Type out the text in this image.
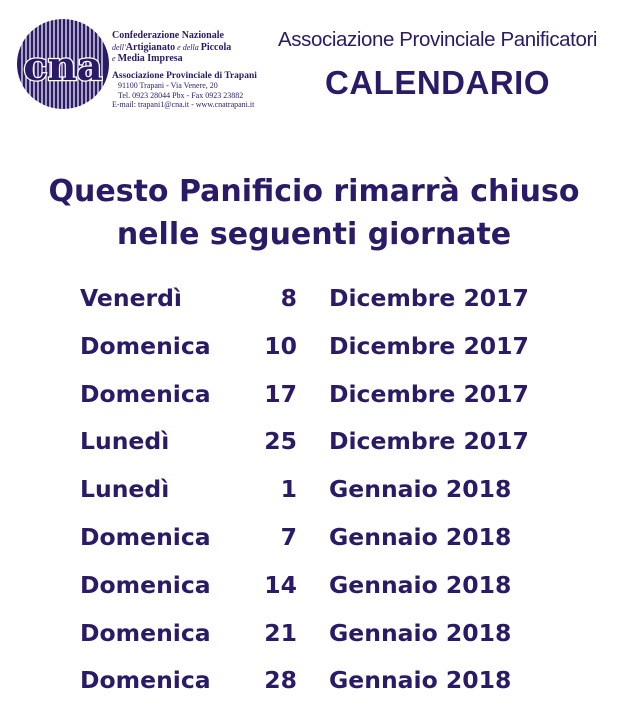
cna
Confederazione Nazionale
dell'Artigianato e della Piccola
e Media Impresa
Associazione Provinciale di Trapani
91100 Trapani - Via Venere, 20
Tel. 0923 28044 Pbx - Fax 0923 23882
E-mail: trapani1@cna.it - www.cnatrapani.it
Associazione Provinciale Panificatori
CALENDARIO
Questo Panificio rimarrà chiuso
nelle seguenti giornate
Venerdì	8 Dicembre 2017
Domenica	10 Dicembre 2017
Domenica	17 Dicembre 2017
Lunedì	25 Dicembre 2017
Lunedì	1 Gennaio 2018
Domenica	7 Gennaio 2018
Domenica	14 Gennaio 2018
Domenica	21 Gennaio 2018
Domenica	28 Gennaio 2018
